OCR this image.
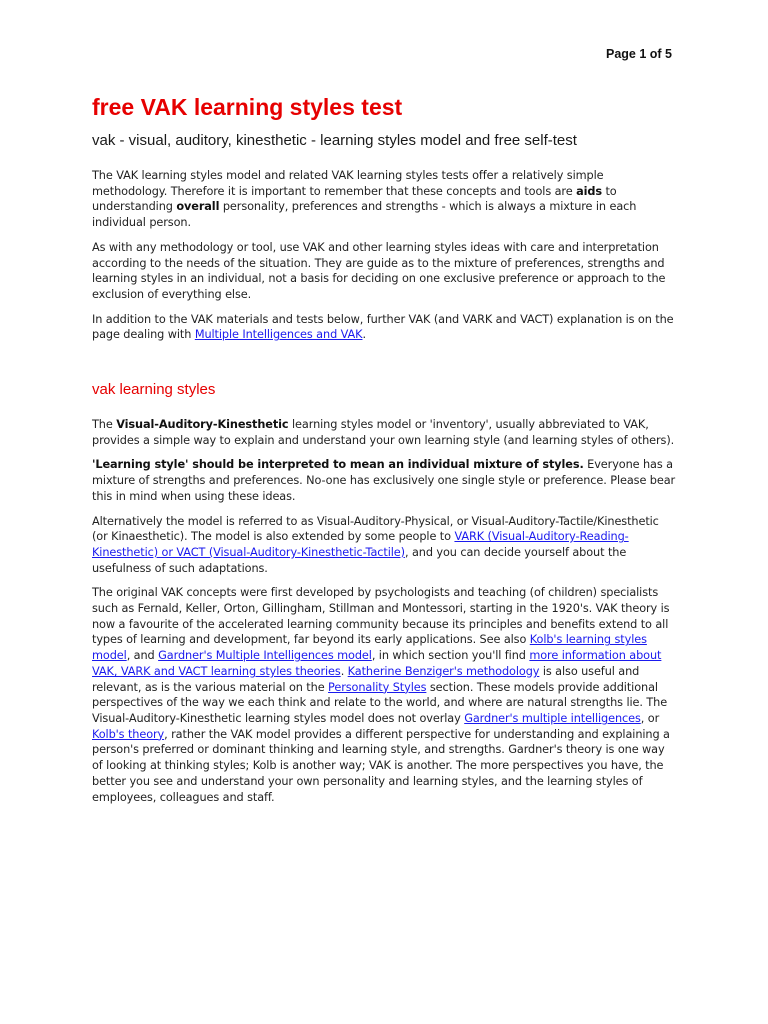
Page 1 of 5
free VAK learning styles test
vak - visual, auditory, kinesthetic - learning styles model and free self-test

The VAK learning styles model and related VAK learning styles tests offer a relatively simple methodology. Therefore it is important to remember that these concepts and tools are aids to understanding overall personality, preferences and strengths - which is always a mixture in each individual person.

As with any methodology or tool, use VAK and other learning styles ideas with care and interpretation according to the needs of the situation. They are guide as to the mixture of preferences, strengths and learning styles in an individual, not a basis for deciding on one exclusive preference or approach to the exclusion of everything else.

In addition to the VAK materials and tests below, further VAK (and VARK and VACT) explanation is on the page dealing with Multiple Intelligences and VAK.

vak learning styles

The Visual-Auditory-Kinesthetic learning styles model or 'inventory', usually abbreviated to VAK, provides a simple way to explain and understand your own learning style (and learning styles of others).

'Learning style' should be interpreted to mean an individual mixture of styles. Everyone has a mixture of strengths and preferences. No-one has exclusively one single style or preference. Please bear this in mind when using these ideas.

Alternatively the model is referred to as Visual-Auditory-Physical, or Visual-Auditory-Tactile/Kinesthetic (or Kinaesthetic). The model is also extended by some people to VARK (Visual-Auditory-Reading-Kinesthetic) or VACT (Visual-Auditory-Kinesthetic-Tactile), and you can decide yourself about the usefulness of such adaptations.

The original VAK concepts were first developed by psychologists and teaching (of children) specialists such as Fernald, Keller, Orton, Gillingham, Stillman and Montessori, starting in the 1920's. VAK theory is now a favourite of the accelerated learning community because its principles and benefits extend to all types of learning and development, far beyond its early applications. See also Kolb's learning styles model, and Gardner's Multiple Intelligences model, in which section you'll find more information about VAK, VARK and VACT learning styles theories. Katherine Benziger's methodology is also useful and relevant, as is the various material on the Personality Styles section. These models provide additional perspectives of the way we each think and relate to the world, and where are natural strengths lie. The Visual-Auditory-Kinesthetic learning styles model does not overlay Gardner's multiple intelligences, or Kolb's theory, rather the VAK model provides a different perspective for understanding and explaining a person's preferred or dominant thinking and learning style, and strengths. Gardner's theory is one way of looking at thinking styles; Kolb is another way; VAK is another. The more perspectives you have, the better you see and understand your own personality and learning styles, and the learning styles of employees, colleagues and staff.
